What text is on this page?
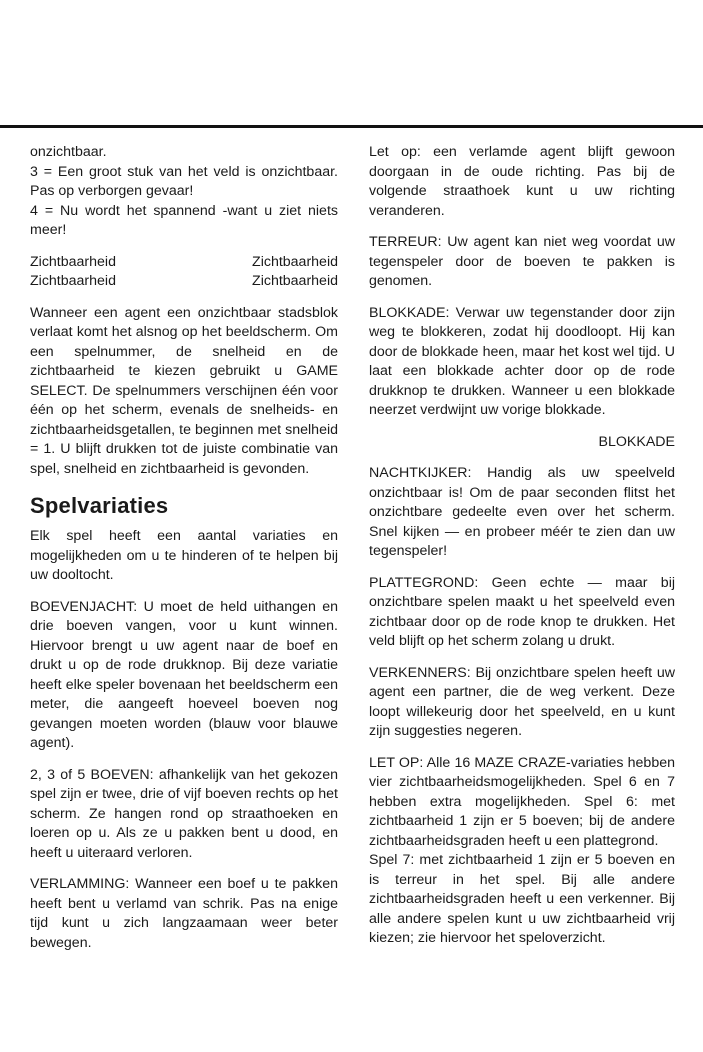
onzichtbaar.

3 = Een groot stuk van het veld is onzichtbaar. Pas op verborgen gevaar!

4 = Nu wordt het spannend -want u ziet niets meer!

Zichtbaarheid	Zichtbaarheid
Zichtbaarheid	Zichtbaarheid

Wanneer een agent een onzichtbaar stadsblok verlaat komt het alsnog op het beeldscherm. Om een spelnummer, de snelheid en de zichtbaarheid te kiezen gebruikt u GAME SELECT. De spelnummers verschijnen één voor één op het scherm, evenals de snelheids- en zichtbaarheidsgetallen, te beginnen met snelheid = 1. U blijft drukken tot de juiste combinatie van spel, snelheid en zichtbaarheid is gevonden.

Spelvariaties

Elk spel heeft een aantal variaties en mogelijkheden om u te hinderen of te helpen bij uw dooltocht.

BOEVENJACHT: U moet de held uithangen en drie boeven vangen, voor u kunt winnen. Hiervoor brengt u uw agent naar de boef en drukt u op de rode drukknop. Bij deze variatie heeft elke speler bovenaan het beeldscherm een meter, die aangeeft hoeveel boeven nog gevangen moeten worden (blauw voor blauwe agent).

2, 3 of 5 BOEVEN: afhankelijk van het gekozen spel zijn er twee, drie of vijf boeven rechts op het scherm. Ze hangen rond op straathoeken en loeren op u. Als ze u pakken bent u dood, en heeft u uiteraard verloren.

VERLAMMING: Wanneer een boef u te pakken heeft bent u verlamd van schrik. Pas na enige tijd kunt u zich langzaamaan weer beter bewegen.

Let op: een verlamde agent blijft gewoon doorgaan in de oude richting. Pas bij de volgende straathoek kunt u uw richting veranderen.

TERREUR: Uw agent kan niet weg voordat uw tegenspeler door de boeven te pakken is genomen.

BLOKKADE: Verwar uw tegenstander door zijn weg te blokkeren, zodat hij doodloopt. Hij kan door de blokkade heen, maar het kost wel tijd. U laat een blokkade achter door op de rode drukknop te drukken. Wanneer u een blokkade neerzet verdwijnt uw vorige blokkade.

BLOKKADE

NACHTKIJKER: Handig als uw speelveld onzichtbaar is! Om de paar seconden flitst het onzichtbare gedeelte even over het scherm. Snel kijken — en probeer méér te zien dan uw tegenspeler!

PLATTEGROND: Geen echte — maar bij onzichtbare spelen maakt u het speelveld even zichtbaar door op de rode knop te drukken. Het veld blijft op het scherm zolang u drukt.

VERKENNERS: Bij onzichtbare spelen heeft uw agent een partner, die de weg verkent. Deze loopt willekeurig door het speelveld, en u kunt zijn suggesties negeren.

LET OP: Alle 16 MAZE CRAZE-variaties hebben vier zichtbaarheidsmogelijkheden. Spel 6 en 7 hebben extra mogelijkheden. Spel 6: met zichtbaarheid 1 zijn er 5 boeven; bij de andere zichtbaarheidsgraden heeft u een plattegrond.

Spel 7: met zichtbaarheid 1 zijn er 5 boeven en is terreur in het spel. Bij alle andere zichtbaarheidsgraden heeft u een verkenner. Bij alle andere spelen kunt u uw zichtbaarheid vrij kiezen; zie hiervoor het speloverzicht.
